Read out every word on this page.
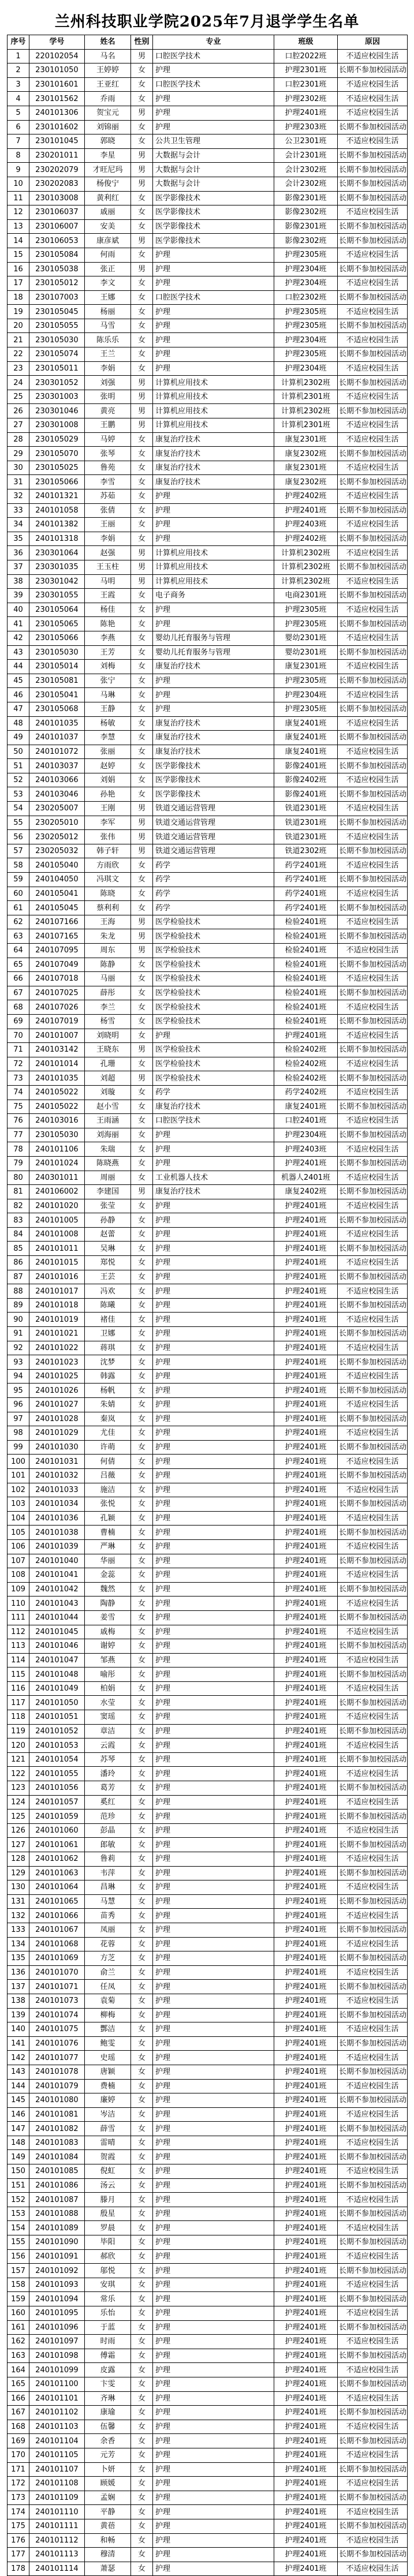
兰州科技职业学院2025年7月退学学生名单
序号	学号	姓名	性别	专业	班级	原因
1	220102054	马名	男	口腔医学技术	口腔2022班	不适应校园生活
2	230101050	王婷婷	女	护理	护理2301班	长期不参加校园活动
3	230101601	王亚红	女	口腔医学技术	口腔2301班	不适应校园生活
4	230101562	乔雨	女	护理	护理2302班	不适应校园生活
5	240101306	贺宝元	男	护理	护理2401班	不适应校园生活
6	230101602	刘锦丽	女	护理	护理2303班	长期不参加校园活动
7	230101045	郭晓	女	公共卫生管理	公卫2301班	不适应校园生活
8	230201011	李星	男	大数据与会计	会计2301班	长期不参加校园活动
9	230202079	才旺尼玛	男	大数据与会计	会计2302班	长期不参加校园活动
10	230202083	杨俊宁	男	大数据与会计	会计2302班	长期不参加校园活动
11	230103008	黄利红	女	医学影像技术	影像2301班	长期不参加校园活动
12	230106037	戚丽	女	医学影像技术	影像2302班	不适应校园生活
13	230106007	安美	女	医学影像技术	影像2301班	长期不参加校园活动
14	230106053	康彦斌	男	医学影像技术	影像2302班	长期不参加校园活动
15	230105084	何雨	女	护理	护理2305班	不适应校园生活
16	230105038	张正	男	护理	护理2304班	长期不参加校园活动
17	230105012	李文	女	护理	护理2304班	不适应校园生活
18	230107003	王娜	女	口腔医学技术	口腔2302班	长期不参加校园活动
19	230105045	杨丽	女	护理	护理2305班	不适应校园生活
20	230105055	马雪	女	护理	护理2305班	长期不参加校园活动
21	230105030	陈乐乐	女	护理	护理2304班	不适应校园生活
22	230105074	王兰	女	护理	护理2305班	长期不参加校园活动
23	230105011	李娟	女	护理	护理2304班	不适应校园生活
24	230301052	刘强	男	计算机应用技术	计算机2302班	长期不参加校园活动
25	230301003	张明	男	计算机应用技术	计算机2301班	不适应校园生活
26	230301046	黄亮	男	计算机应用技术	计算机2302班	长期不参加校园活动
27	230301008	王鹏	男	计算机应用技术	计算机2301班	不适应校园生活
28	230105029	马婷	女	康复治疗技术	康复2301班	不适应校园生活
29	230105070	张琴	女	康复治疗技术	康复2302班	长期不参加校园活动
30	230105025	鲁苑	女	康复治疗技术	康复2301班	不适应校园生活
31	230105066	李雪	女	康复治疗技术	康复2302班	长期不参加校园活动
32	240101321	苏茹	女	护理	护理2402班	不适应校园生活
33	240101058	张倩	女	护理	护理2401班	长期不参加校园活动
34	240101382	王丽	女	护理	护理2403班	不适应校园生活
35	240101318	李娟	女	护理	护理2402班	长期不参加校园活动
36	230301064	赵强	男	计算机应用技术	计算机2302班	不适应校园生活
37	230301035	王玉柱	男	计算机应用技术	计算机2302班	长期不参加校园活动
38	230301042	马明	男	计算机应用技术	计算机2302班	不适应校园生活
39	230301055	王霞	女	电子商务	电商2301班	长期不参加校园活动
40	230105064	杨佳	女	护理	护理2305班	不适应校园生活
41	230105065	陈艳	女	护理	护理2305班	长期不参加校园活动
42	230105066	李燕	女	婴幼儿托育服务与管理	婴幼2301班	不适应校园生活
43	230105030	王芳	女	婴幼儿托育服务与管理	婴幼2301班	长期不参加校园活动
44	230105014	刘梅	女	康复治疗技术	康复2301班	不适应校园生活
45	230105081	张宁	女	护理	护理2305班	长期不参加校园活动
46	230105041	马琳	女	护理	护理2304班	不适应校园生活
47	230105068	王静	女	护理	护理2305班	长期不参加校园活动
48	240101035	杨敏	女	康复治疗技术	康复2401班	不适应校园生活
49	240101037	李慧	女	康复治疗技术	康复2401班	长期不参加校园活动
50	240101072	张丽	女	康复治疗技术	康复2401班	不适应校园生活
51	240103037	赵婷	女	医学影像技术	影像2401班	长期不参加校园活动
52	240103066	刘娟	女	医学影像技术	影像2402班	不适应校园生活
53	240103046	孙艳	女	医学影像技术	影像2401班	长期不参加校园活动
54	230205007	王刚	男	铁道交通运营管理	铁道2301班	不适应校园生活
55	230205010	李军	男	铁道交通运营管理	铁道2301班	长期不参加校园活动
56	230205012	张伟	男	铁道交通运营管理	铁道2301班	不适应校园生活
57	230205032	韩子轩	男	铁道交通运营管理	铁道2302班	长期不参加校园活动
58	240105040	方雨欣	女	药学	药学2401班	不适应校园生活
59	240104050	冯琪文	女	药学	药学2401班	长期不参加校园活动
60	240105041	陈晓	女	药学	药学2401班	不适应校园生活
61	240105045	蔡利利	女	药学	药学2401班	长期不参加校园活动
62	240107166	王海	男	医学检验技术	检验2401班	不适应校园生活
63	240107165	朱龙	男	医学检验技术	检验2401班	长期不参加校园活动
64	240107095	周东	男	医学检验技术	检验2401班	不适应校园生活
65	240107049	陈静	女	医学检验技术	检验2401班	长期不参加校园活动
66	240107018	马丽	女	医学检验技术	检验2401班	不适应校园生活
67	240107025	薛彤	女	医学检验技术	检验2401班	长期不参加校园活动
68	240107026	李兰	女	医学检验技术	检验2401班	不适应校园生活
69	240107019	杨雪	女	医学检验技术	检验2401班	长期不参加校园活动
70	240101007	刘晓明	女	护理	护理2401班	不适应校园生活
71	240103142	王晓东	男	医学检验技术	检验2402班	长期不参加校园活动
72	240101014	孔珊	女	医学检验技术	检验2402班	不适应校园生活
73	240101035	刘超	男	医学检验技术	检验2402班	长期不参加校园活动
74	240105022	刘璇	女	药学	药学2402班	不适应校园生活
75	240105022	赵小雪	女	康复治疗技术	康复2401班	长期不参加校园活动
76	240103016	王雨涵	女	口腔医学技术	口腔2401班	不适应校园生活
77	230105030	刘海丽	女	护理	护理2304班	长期不参加校园活动
78	240101106	朱瑞	女	护理	护理2403班	不适应校园生活
79	240101024	陈晓燕	女	护理	护理2401班	长期不参加校园活动
80	240301011	周丽	女	工业机器人技术	机器人2401班	不适应校园生活
81	240106002	李建国	男	康复治疗技术	康复2402班	长期不参加校园活动
82	240101020	张莹	女	护理	护理2401班	不适应校园生活
83	240101005	孙静	女	护理	护理2401班	长期不参加校园活动
84	240101008	赵蕾	女	护理	护理2401班	不适应校园生活
85	240101011	吴琳	女	护理	护理2401班	长期不参加校园活动
86	240101015	郑悦	女	护理	护理2401班	不适应校园生活
87	240101016	王芸	女	护理	护理2401班	长期不参加校园活动
88	240101017	冯欢	女	护理	护理2401班	不适应校园生活
89	240101018	陈曦	女	护理	护理2401班	长期不参加校园活动
90	240101019	褚佳	女	护理	护理2401班	不适应校园生活
91	240101021	卫娜	女	护理	护理2401班	长期不参加校园活动
92	240101022	蒋琪	女	护理	护理2401班	不适应校园生活
93	240101023	沈梦	女	护理	护理2401班	长期不参加校园活动
94	240101025	韩露	女	护理	护理2401班	不适应校园生活
95	240101026	杨帆	女	护理	护理2401班	长期不参加校园活动
96	240101027	朱婧	女	护理	护理2401班	不适应校园生活
97	240101028	秦岚	女	护理	护理2401班	长期不参加校园活动
98	240101029	尤佳	女	护理	护理2401班	不适应校园生活
99	240101030	许萌	女	护理	护理2401班	长期不参加校园活动
100	240101031	何倩	女	护理	护理2401班	不适应校园生活
101	240101032	吕薇	女	护理	护理2401班	长期不参加校园活动
102	240101033	施洁	女	护理	护理2401班	不适应校园生活
103	240101034	张悦	女	护理	护理2401班	长期不参加校园活动
104	240101036	孔颖	女	护理	护理2401班	不适应校园生活
105	240101038	曹楠	女	护理	护理2401班	长期不参加校园活动
106	240101039	严琳	女	护理	护理2401班	不适应校园生活
107	240101040	华丽	女	护理	护理2401班	长期不参加校园活动
108	240101041	金蕊	女	护理	护理2401班	不适应校园生活
109	240101042	魏然	女	护理	护理2401班	长期不参加校园活动
110	240101043	陶静	女	护理	护理2401班	不适应校园生活
111	240101044	姜雪	女	护理	护理2401班	长期不参加校园活动
112	240101045	戚梅	女	护理	护理2401班	不适应校园生活
113	240101046	谢婷	女	护理	护理2401班	长期不参加校园活动
114	240101047	邹燕	女	护理	护理2401班	不适应校园生活
115	240101048	喻彤	女	护理	护理2401班	长期不参加校园活动
116	240101049	柏娟	女	护理	护理2401班	不适应校园生活
117	240101050	水莹	女	护理	护理2401班	长期不参加校园活动
118	240101051	窦瑶	女	护理	护理2401班	不适应校园生活
119	240101052	章洁	女	护理	护理2401班	长期不参加校园活动
120	240101053	云霞	女	护理	护理2401班	不适应校园生活
121	240101054	苏琴	女	护理	护理2401班	长期不参加校园活动
122	240101055	潘玲	女	护理	护理2401班	不适应校园生活
123	240101056	葛芳	女	护理	护理2401班	长期不参加校园活动
124	240101057	奚红	女	护理	护理2401班	不适应校园生活
125	240101059	范珍	女	护理	护理2401班	长期不参加校园活动
126	240101060	彭晶	女	护理	护理2401班	不适应校园生活
127	240101061	郎敏	女	护理	护理2401班	长期不参加校园活动
128	240101062	鲁莉	女	护理	护理2401班	不适应校园生活
129	240101063	韦萍	女	护理	护理2401班	长期不参加校园活动
130	240101064	昌琳	女	护理	护理2401班	不适应校园生活
131	240101065	马慧	女	护理	护理2401班	长期不参加校园活动
132	240101066	苗秀	女	护理	护理2401班	不适应校园生活
133	240101067	凤丽	女	护理	护理2401班	长期不参加校园活动
134	240101068	花蓉	女	护理	护理2401班	不适应校园生活
135	240101069	方芝	女	护理	护理2401班	长期不参加校园活动
136	240101070	俞兰	女	护理	护理2401班	不适应校园生活
137	240101071	任凤	女	护理	护理2401班	长期不参加校园活动
138	240101073	袁菊	女	护理	护理2401班	不适应校园生活
139	240101074	柳梅	女	护理	护理2401班	长期不参加校园活动
140	240101075	酆洁	女	护理	护理2401班	不适应校园生活
141	240101076	鲍雯	女	护理	护理2401班	长期不参加校园活动
142	240101077	史瑶	女	护理	护理2401班	不适应校园生活
143	240101078	唐颖	女	护理	护理2401班	长期不参加校园活动
144	240101079	费楠	女	护理	护理2401班	不适应校园生活
145	240101080	廉婷	女	护理	护理2401班	长期不参加校园活动
146	240101081	岑洁	女	护理	护理2401班	不适应校园生活
147	240101082	薛雪	女	护理	护理2401班	长期不参加校园活动
148	240101083	雷晴	女	护理	护理2401班	不适应校园生活
149	240101084	贺霞	女	护理	护理2401班	长期不参加校园活动
150	240101085	倪虹	女	护理	护理2401班	不适应校园生活
151	240101086	汤云	女	护理	护理2401班	长期不参加校园活动
152	240101087	滕月	女	护理	护理2401班	不适应校园生活
153	240101088	殷星	女	护理	护理2401班	长期不参加校园活动
154	240101089	罗晨	女	护理	护理2401班	不适应校园生活
155	240101090	毕阳	女	护理	护理2401班	长期不参加校园活动
156	240101091	郝欣	女	护理	护理2401班	不适应校园生活
157	240101092	邬悦	女	护理	护理2401班	长期不参加校园活动
158	240101093	安琪	女	护理	护理2401班	不适应校园生活
159	240101094	常乐	女	护理	护理2401班	长期不参加校园活动
160	240101095	乐怡	女	护理	护理2401班	不适应校园生活
161	240101096	于蓝	女	护理	护理2401班	长期不参加校园活动
162	240101097	时雨	女	护理	护理2401班	不适应校园生活
163	240101098	傅霜	女	护理	护理2401班	长期不参加校园活动
164	240101099	皮露	女	护理	护理2401班	不适应校园生活
165	240101100	卞雯	女	护理	护理2401班	长期不参加校园活动
166	240101101	齐琳	女	护理	护理2401班	不适应校园生活
167	240101102	康瑜	女	护理	护理2401班	长期不参加校园活动
168	240101103	伍馨	女	护理	护理2401班	不适应校园生活
169	240101104	余香	女	护理	护理2401班	长期不参加校园活动
170	240101105	元芳	女	护理	护理2401班	不适应校园生活
171	240101107	卜妍	女	护理	护理2401班	长期不参加校园活动
172	240101108	顾媛	女	护理	护理2401班	不适应校园生活
173	240101109	孟娴	女	护理	护理2401班	长期不参加校园活动
174	240101110	平静	女	护理	护理2401班	不适应校园生活
175	240101111	黄蓓	女	护理	护理2401班	长期不参加校园活动
176	240101112	和畅	女	护理	护理2401班	不适应校园生活
177	240101113	穆清	女	护理	护理2401班	长期不参加校园活动
178	240101114	萧瑟	女	护理	护理2401班	不适应校园生活
